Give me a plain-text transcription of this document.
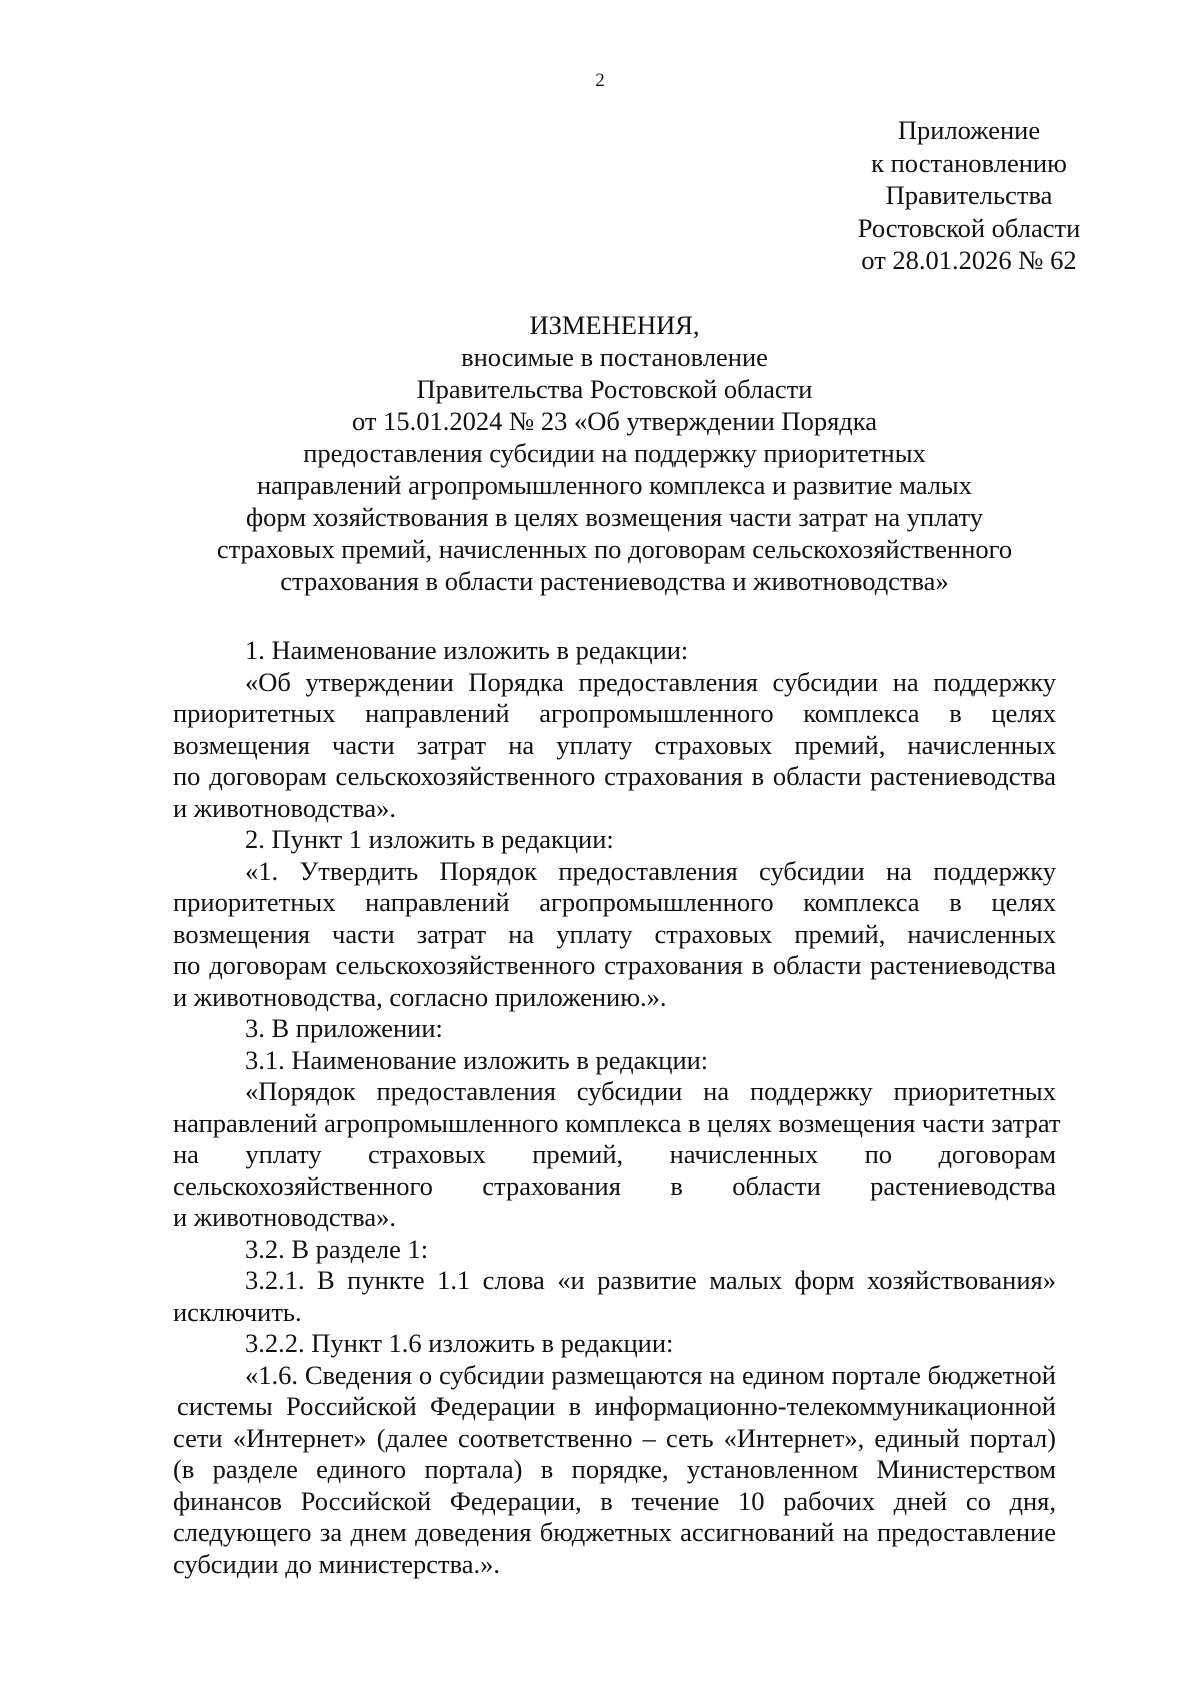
2
Приложение
к постановлению
Правительства
Ростовской области
от 28.01.2026 № 62
ИЗМЕНЕНИЯ,
вносимые в постановление
Правительства Ростовской области
от 15.01.2024 № 23 «Об утверждении Порядка
предоставления субсидии на поддержку приоритетных
направлений агропромышленного комплекса и развитие малых
форм хозяйствования в целях возмещения части затрат на уплату
страховых премий, начисленных по договорам сельскохозяйственного
страхования в области растениеводства и животноводства»
1. Наименование изложить в редакции:
«Об утверждении Порядка предоставления субсидии на поддержку
приоритетных направлений агропромышленного комплекса в целях
возмещения части затрат на уплату страховых премий, начисленных
по договорам сельскохозяйственного страхования в области растениеводства
и животноводства».
2. Пункт 1 изложить в редакции:
«1. Утвердить Порядок предоставления субсидии на поддержку
приоритетных направлений агропромышленного комплекса в целях
возмещения части затрат на уплату страховых премий, начисленных
по договорам сельскохозяйственного страхования в области растениеводства
и животноводства, согласно приложению.».
3. В приложении:
3.1. Наименование изложить в редакции:
«Порядок предоставления субсидии на поддержку приоритетных
направлений агропромышленного комплекса в целях возмещения части затрат
на уплату страховых премий, начисленных по договорам
сельскохозяйственного страхования в области растениеводства
и животноводства».
3.2. В разделе 1:
3.2.1. В пункте 1.1 слова «и развитие малых форм хозяйствования»
исключить.
3.2.2. Пункт 1.6 изложить в редакции:
«1.6. Сведения о субсидии размещаются на едином портале бюджетной
системы Российской Федерации в информационно-телекоммуникационной
сети «Интернет» (далее соответственно – сеть «Интернет», единый портал)
(в разделе единого портала) в порядке, установленном Министерством
финансов Российской Федерации, в течение 10 рабочих дней со дня,
следующего за днем доведения бюджетных ассигнований на предоставление
субсидии до министерства.».
